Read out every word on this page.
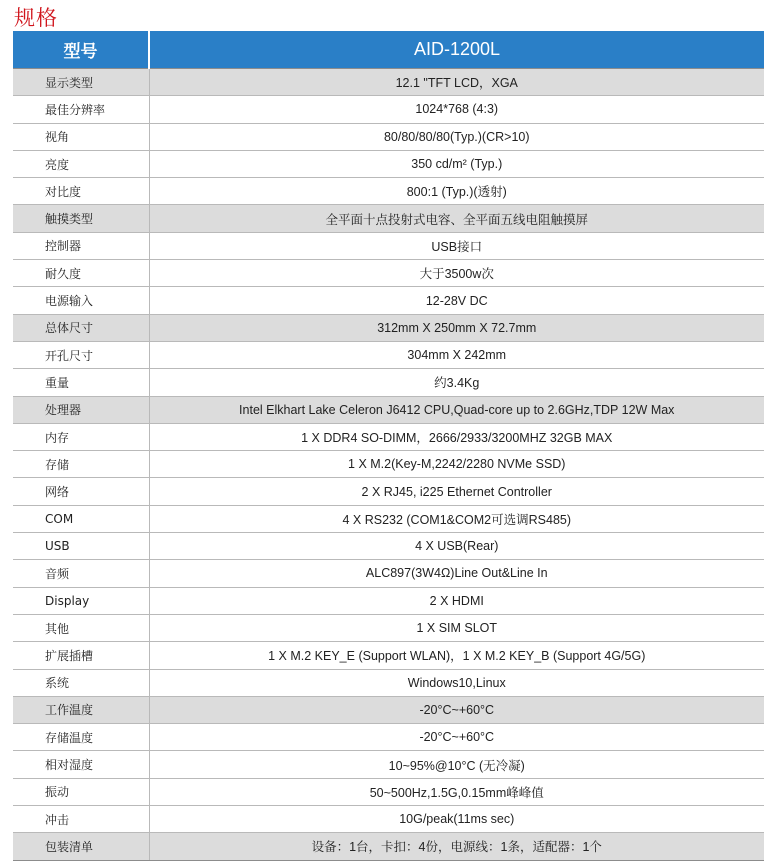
规格
型号	AID-1200L
显示类型	12.1 "TFT LCD，XGA
最佳分辨率	1024*768 (4:3)
视角	80/80/80/80(Typ.)(CR>10)
亮度	350 cd/m² (Typ.)
对比度	800:1 (Typ.)(透射)
触摸类型	全平面十点投射式电容、全平面五线电阻触摸屏
控制器	USB接口
耐久度	大于3500w次
电源输入	12-28V DC
总体尺寸	312mm X 250mm X 72.7mm
开孔尺寸	304mm X 242mm
重量	约3.4Kg
处理器	Intel Elkhart Lake Celeron J6412 CPU,Quad-core up to 2.6GHz,TDP 12W Max
内存	1 X DDR4 SO-DIMM，2666/2933/3200MHZ 32GB MAX
存储	1 X M.2(Key-M,2242/2280 NVMe SSD)
网络	2 X RJ45, i225 Ethernet Controller
COM	4 X RS232 (COM1&COM2可选调RS485)
USB	4 X USB(Rear)
音频	ALC897(3W4Ω)Line Out&Line In
Display	2 X HDMI
其他	1 X SIM SLOT
扩展插槽	1 X M.2 KEY_E (Support WLAN)，1 X M.2 KEY_B (Support 4G/5G)
系统	Windows10,Linux
工作温度	-20°C~+60°C
存储温度	-20°C~+60°C
相对湿度	10~95%@10°C (无冷凝)
振动	50~500Hz,1.5G,0.15mm峰峰值
冲击	10G/peak(11ms sec)
包装清单	设备：1台，卡扣：4份，电源线：1条，适配器：1个
